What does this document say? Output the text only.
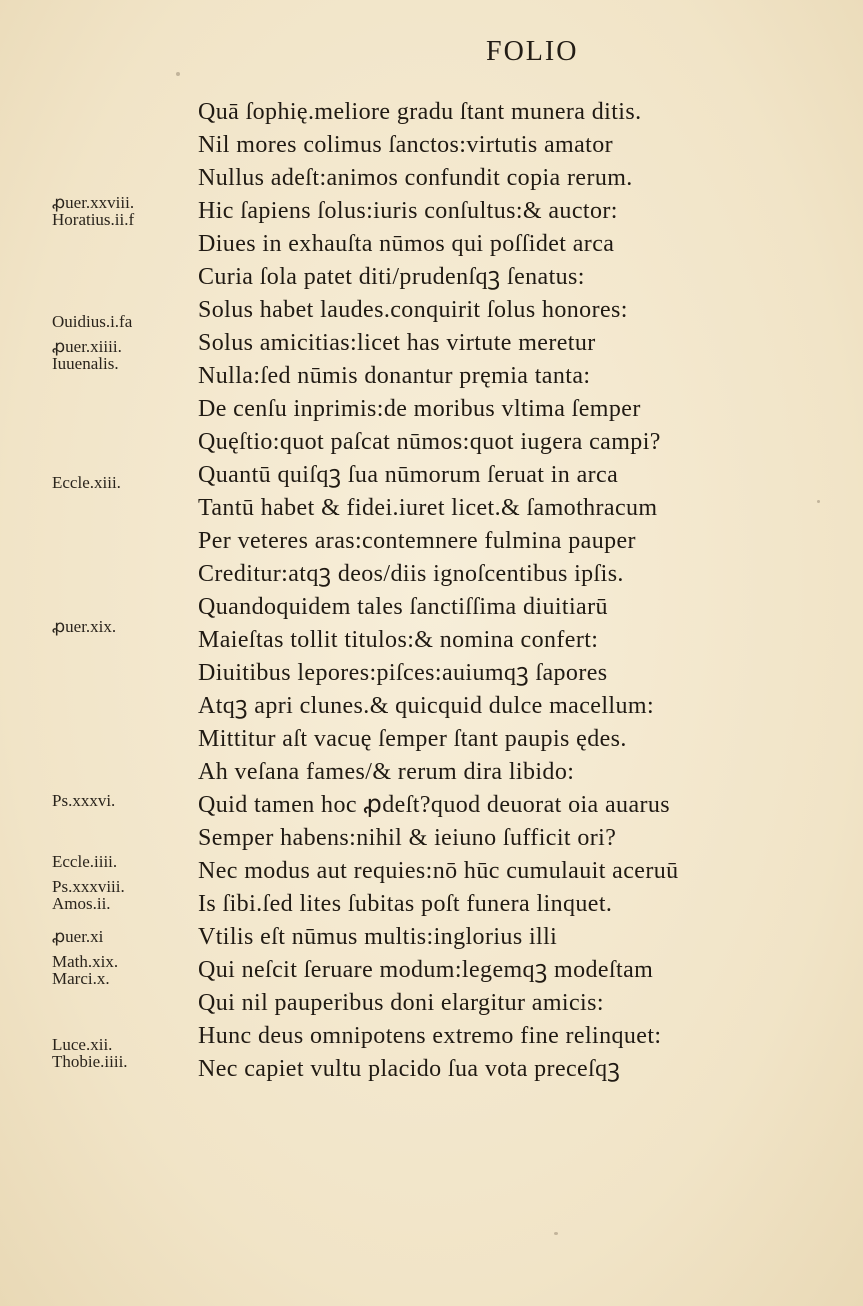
FOLIO
Quā ſophię.meliore gradu ſtant munera ditis.
Nil mores colimus ſanctos:virtutis amator
Nullus adeſt:animos confundit copia rerum.
Hic ſapiens ſolus:iuris conſultus:& auctor:
Diues in exhauſta nūmos qui poſſidet arca
Curia ſola patet diti/prudenſqꝫ ſenatus:
Solus habet laudes.conquirit ſolus honores:
Solus amicitias:licet has virtute meretur
Nulla:ſed nūmis donantur pręmia tanta:
De cenſu inprimis:de moribus vltima ſemper
Quęſtio:quot paſcat nūmos:quot iugera campi?
Quantū quiſqꝫ ſua nūmorum ſeruat in arca
Tantū habet & fidei.iuret licet.& ſamothracum
Per veteres aras:contemnere fulmina pauper
Creditur:atqꝫ deos/diis ignoſcentibus ipſis.
Quandoquidem tales ſanctiſſima diuitiarū
Maieſtas tollit titulos:& nomina confert:
Diuitibus lepores:piſces:auiumqꝫ ſapores
Atqꝫ apri clunes.& quicquid dulce macellum:
Mittitur aſt vacuę ſemper ſtant paupis ędes.
Ah veſana fames/& rerum dira libido:
Quid tamen hoc ꝓdeſt?quod deuorat oia auarus
Semper habens:nihil & ieiuno ſufficit ori?
Nec modus aut requies:nō hūc cumulauit aceruū
Is ſibi.ſed lites ſubitas poſt funera linquet.
Vtilis eſt nūmus multis:inglorius illi
Qui neſcit ſeruare modum:legemqꝫ modeſtam
Qui nil pauperibus doni elargitur amicis:
Hunc deus omnipotens extremo fine relinquet:
Nec capiet vultu placido ſua vota preceſqꝫ
ꝓuer.xxviii.
Horatius.ii.f
Ouidius.i.fa
ꝓuer.xiiii.
Iuuenalis.
Eccle.xiii.
ꝓuer.xix.
Ps.xxxvi.
Eccle.iiii.
Ps.xxxviii.
Amos.ii.
ꝓuer.xi
Math.xix.
Marci.x.
Luce.xii.
Thobie.iiii.
